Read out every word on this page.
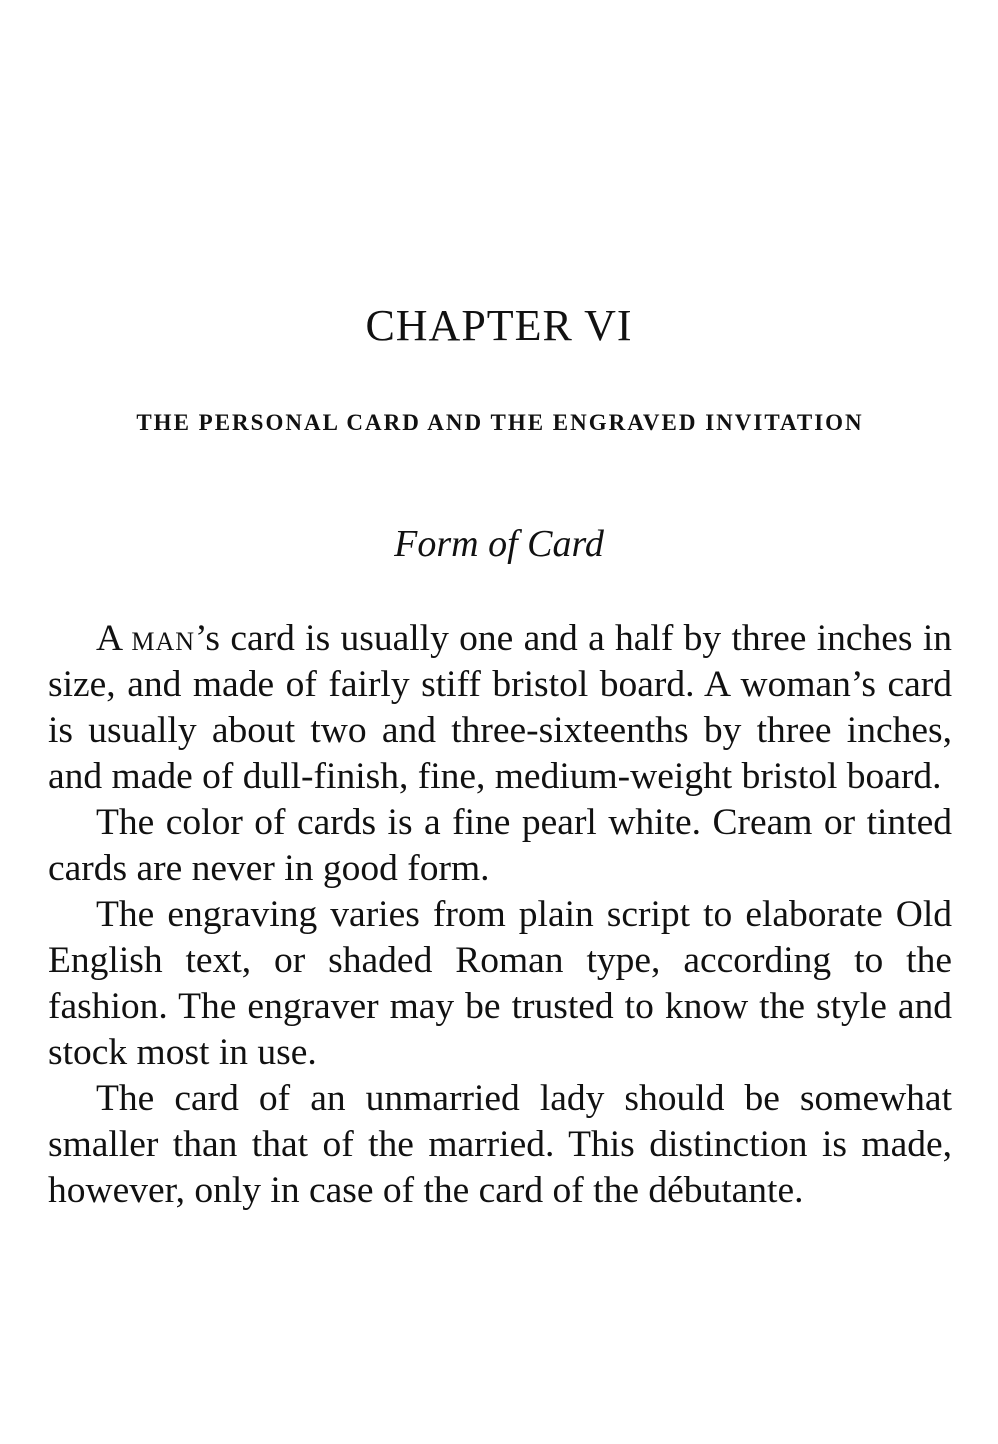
CHAPTER VI
THE PERSONAL CARD AND THE ENGRAVED INVITATION
Form of Card

A man’s card is usually one and a half by three inches in size, and made of fairly stiff bristol board. A woman’s card is usually about two and three-sixteenths by three inches, and made of dull-finish, fine, medium-weight bristol board.

The color of cards is a fine pearl white. Cream or tinted cards are never in good form.

The engraving varies from plain script to elaborate Old English text, or shaded Roman type, according to the fashion. The engraver may be trusted to know the style and stock most in use.

The card of an unmarried lady should be somewhat smaller than that of the married. This distinction is made, however, only in case of the card of the débutante.
